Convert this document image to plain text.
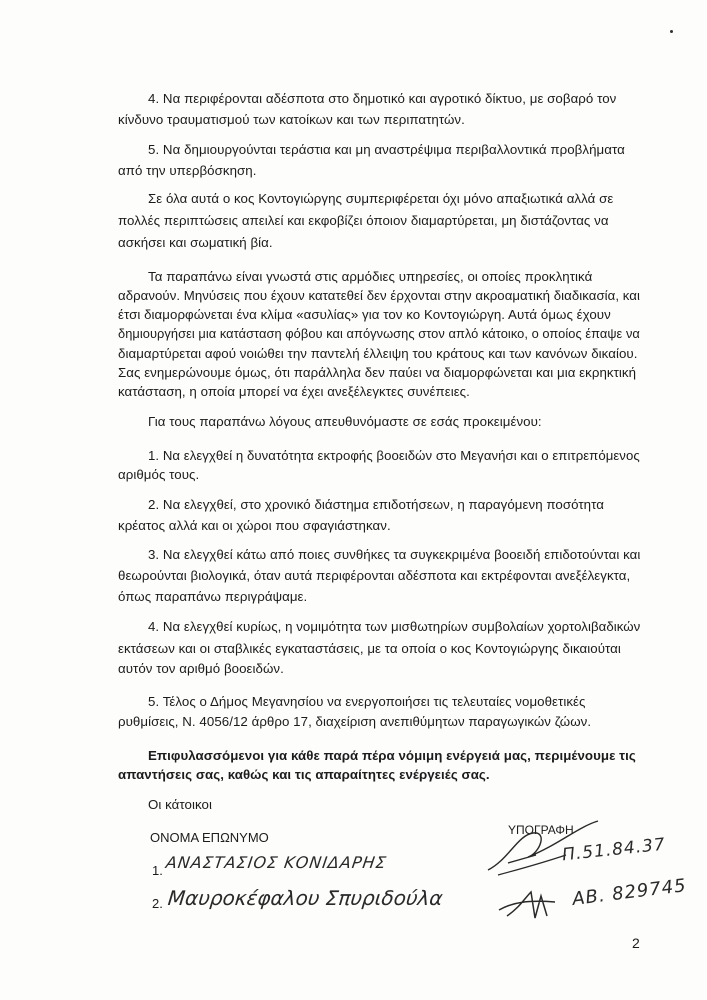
4. Να περιφέρονται αδέσποτα στο δημοτικό και αγροτικό δίκτυο, με σοβαρό τον
κίνδυνο τραυματισμού των κατοίκων και των περιπατητών.
5. Να δημιουργούνται τεράστια και μη αναστρέψιμα περιβαλλοντικά προβλήματα
από την υπερβόσκηση.
Σε όλα αυτά ο κος Κοντογιώργης συμπεριφέρεται όχι μόνο απαξιωτικά αλλά σε
πολλές περιπτώσεις απειλεί και εκφοβίζει όποιον διαμαρτύρεται, μη διστάζοντας να
ασκήσει και σωματική βία.
Τα παραπάνω είναι γνωστά στις αρμόδιες υπηρεσίες, οι οποίες προκλητικά
αδρανούν. Μηνύσεις που έχουν κατατεθεί δεν έρχονται στην ακροαματική διαδικασία, και
έτσι διαμορφώνεται ένα κλίμα «ασυλίας» για τον κο Κοντογιώργη. Αυτά όμως έχουν
δημιουργήσει μια κατάσταση φόβου και απόγνωσης στον απλό κάτοικο, ο οποίος έπαψε να
διαμαρτύρεται αφού νοιώθει την παντελή έλλειψη του κράτους και των κανόνων δικαίου.
Σας ενημερώνουμε όμως, ότι παράλληλα δεν παύει να διαμορφώνεται και μια εκρηκτική
κατάσταση, η οποία μπορεί να έχει ανεξέλεγκτες συνέπειες.
Για τους παραπάνω λόγους απευθυνόμαστε σε εσάς προκειμένου:
1. Να ελεγχθεί η δυνατότητα εκτροφής βοοειδών στο Μεγανήσι και ο επιτρεπόμενος
αριθμός τους.
2. Να ελεγχθεί, στο χρονικό διάστημα επιδοτήσεων, η παραγόμενη ποσότητα
κρέατος αλλά και οι χώροι που σφαγιάστηκαν.
3. Να ελεγχθεί κάτω από ποιες συνθήκες τα συγκεκριμένα βοοειδή επιδοτούνται και
θεωρούνται βιολογικά, όταν αυτά περιφέρονται αδέσποτα και εκτρέφονται ανεξέλεγκτα,
όπως παραπάνω περιγράψαμε.
4. Να ελεγχθεί κυρίως, η νομιμότητα των μισθωτηρίων συμβολαίων χορτολιβαδικών
εκτάσεων και οι σταβλικές εγκαταστάσεις, με τα οποία ο κος Κοντογιώργης δικαιούται
αυτόν τον αριθμό βοοειδών.
5. Τέλος ο Δήμος Μεγανησίου να ενεργοποιήσει τις τελευταίες νομοθετικές
ρυθμίσεις, Ν. 4056/12 άρθρο 17, διαχείριση ανεπιθύμητων παραγωγικών ζώων.
Επιφυλασσόμενοι για κάθε παρά πέρα νόμιμη ενέργειά μας, περιμένουμε τις
απαντήσεις σας, καθώς και τις απαραίτητες ενέργειές σας.
Οι κάτοικοι
ΟΝΟΜΑ ΕΠΩΝΥΜΟ	ΥΠΟΓΡΑΦΗ
1. ΑΝΑΣΤΑΣΙΟΣ ΚΟΝΙΔΑΡΗΣ
2. Μαυροκέφαλου Σπυριδούλα
Π.51.84.37
ΑΒ. 829745
2
